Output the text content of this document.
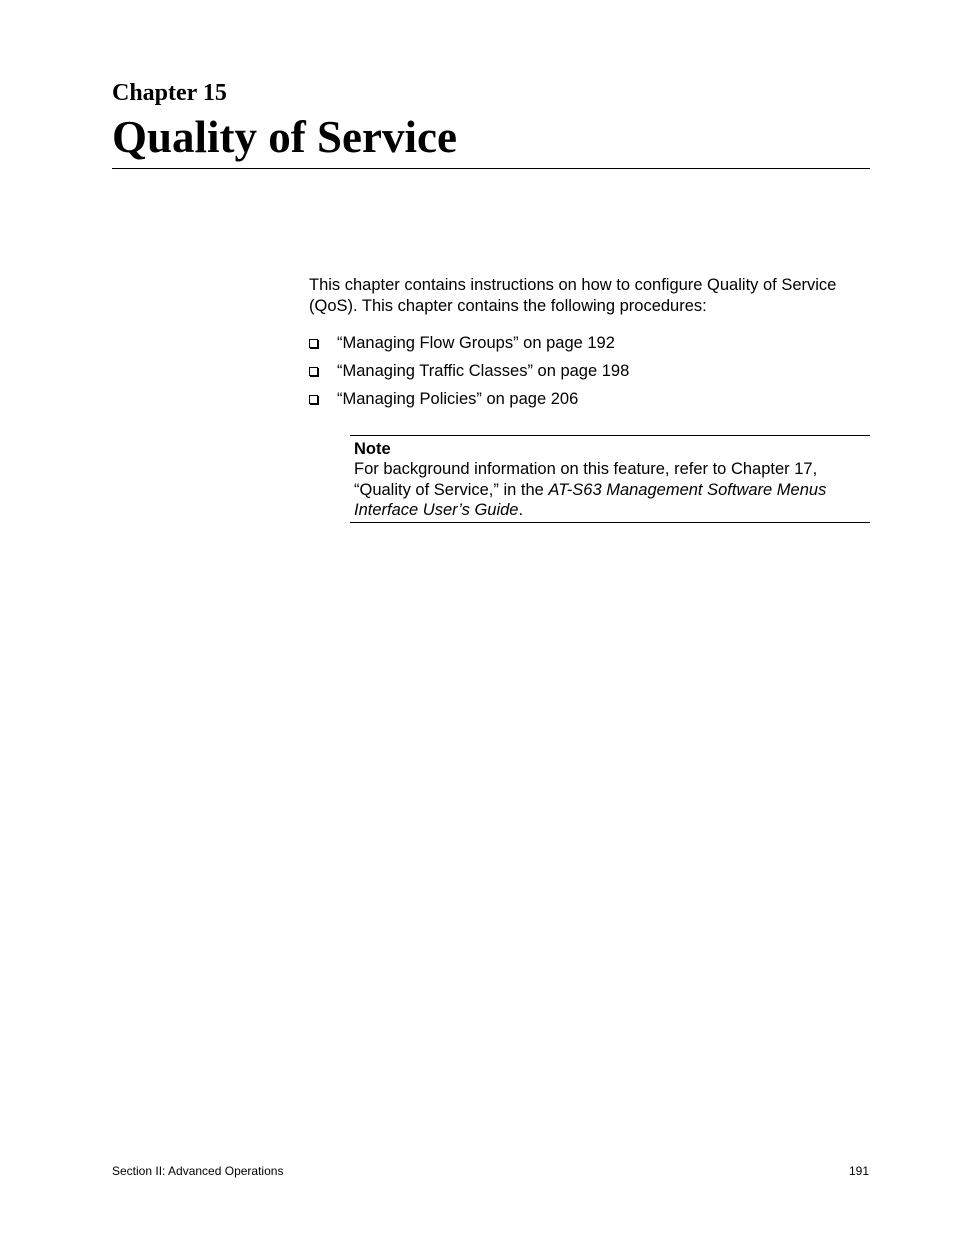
Chapter 15
Quality of Service

This chapter contains instructions on how to configure Quality of Service (QoS). This chapter contains the following procedures:

“Managing Flow Groups” on page 192
“Managing Traffic Classes” on page 198
“Managing Policies” on page 206
Note

For background information on this feature, refer to Chapter 17, “Quality of Service,” in the AT-S63 Management Software Menus Interface User’s Guide.

Section II: Advanced Operations	191
